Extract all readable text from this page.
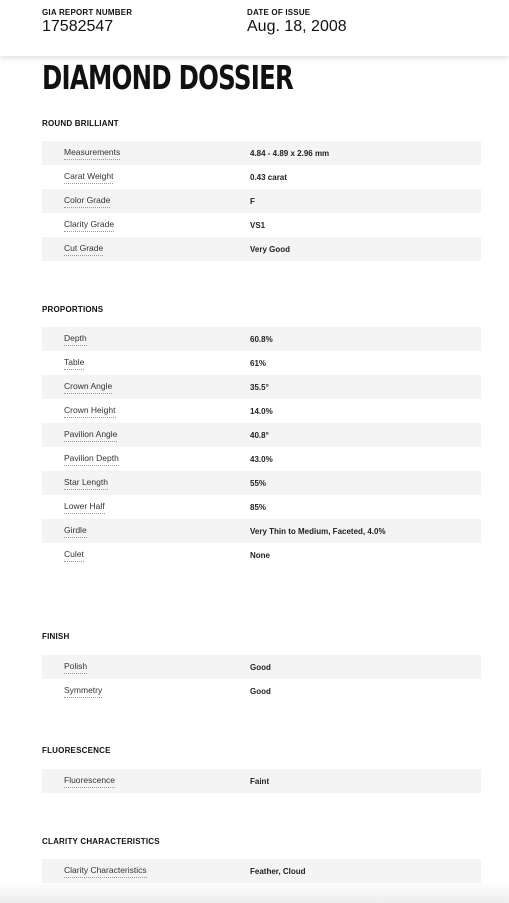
GIA REPORT NUMBER
17582547
DATE OF ISSUE
Aug. 18, 2008
DIAMOND DOSSIER
ROUND BRILLIANT
Measurements	4.84 - 4.89 x 2.96 mm
Carat Weight	0.43 carat
Color Grade	F
Clarity Grade	VS1
Cut Grade	Very Good
PROPORTIONS
Depth	60.8%
Table	61%
Crown Angle	35.5°
Crown Height	14.0%
Pavilion Angle	40.8°
Pavilion Depth	43.0%
Star Length	55%
Lower Half	85%
Girdle	Very Thin to Medium, Faceted, 4.0%
Culet	None
FINISH
Polish	Good
Symmetry	Good
FLUORESCENCE
Fluorescence	Faint
CLARITY CHARACTERISTICS
Clarity Characteristics	Feather, Cloud
